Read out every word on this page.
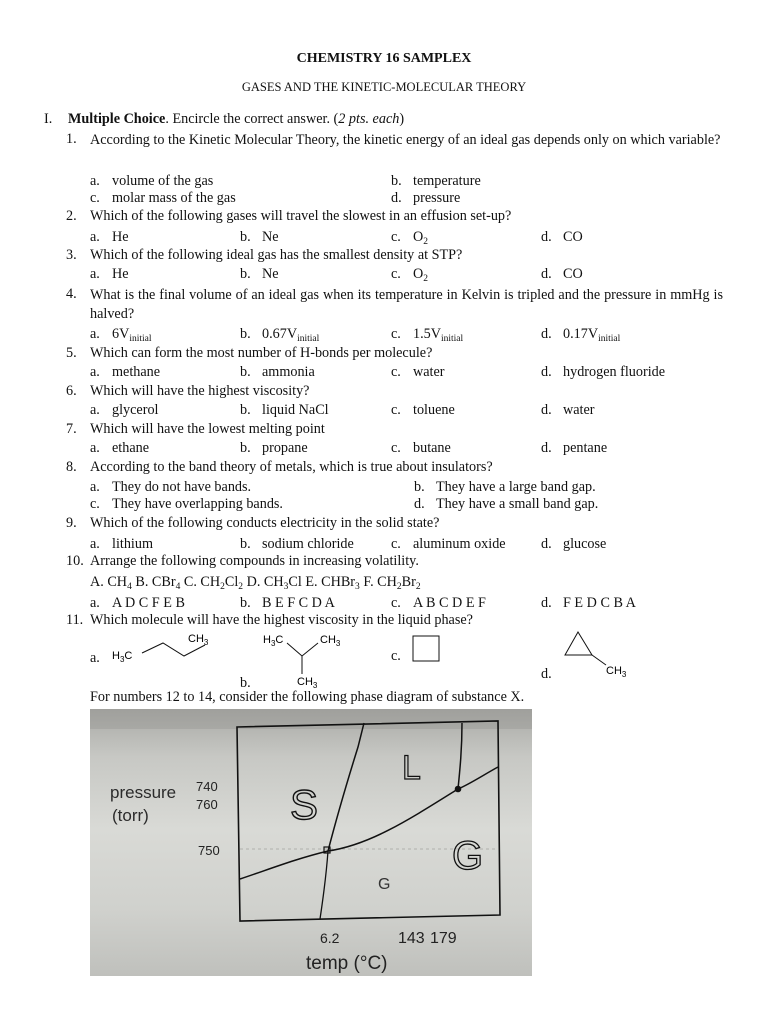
CHEMISTRY 16 SAMPLEX
GASES AND THE KINETIC-MOLECULAR THEORY
I. Multiple Choice. Encircle the correct answer. (2 pts. each)
1. According to the Kinetic Molecular Theory, the kinetic energy of an ideal gas depends only on which variable?
a. volume of the gas	b. temperature
c. molar mass of the gas	d. pressure
2. Which of the following gases will travel the slowest in an effusion set-up?
a. He	b. Ne	c. $O_2$	d. CO
3. Which of the following ideal gas has the smallest density at STP?
a. He	b. Ne	c. $O_2$	d. CO
4. What is the final volume of an ideal gas when its temperature in Kelvin is tripled and the pressure in mmHg is halved?
a. $6V_{initial}$	b. $0.67V_{initial}$	c. $1.5V_{initial}$	d. $0.17V_{initial}$
5. Which can form the most number of H-bonds per molecule?
a. methane	b. ammonia	c. water	d. hydrogen fluoride
6. Which will have the highest viscosity?
a. glycerol	b. liquid NaCl	c. toluene	d. water
7. Which will have the lowest melting point
a. ethane	b. propane	c. butane	d. pentane
8. According to the band theory of metals, which is true about insulators?
a. They do not have bands.	b. They have a large band gap.
c. They have overlapping bands.	d. They have a small band gap.
9. Which of the following conducts electricity in the solid state?
a. lithium	b. sodium chloride	c. aluminum oxide d. glucose
10. Arrange the following compounds in increasing volatility.
A. $CH_4$ B. CBr$_4$ C. $CH_2Cl_2$ D. $CH_3Cl$ E. CHBr$_3$ F. $CH_2Br_2$
a. A D C F E B	b. B E F C D A	c. A B C D E F	d. F E D C B A
11. Which molecule will have the highest viscosity in the liquid phase?
a. $H_3C$
$CH_3$
b.
$H_3C$	$CH_3$
$CH_3$
c.
d.	$CH_3$
For numbers 12 to 14, consider the following phase diagram of substance X.
S
L
G
G
pressure
(torr)
740
760
750
6.2	143 179
temp (°C)
